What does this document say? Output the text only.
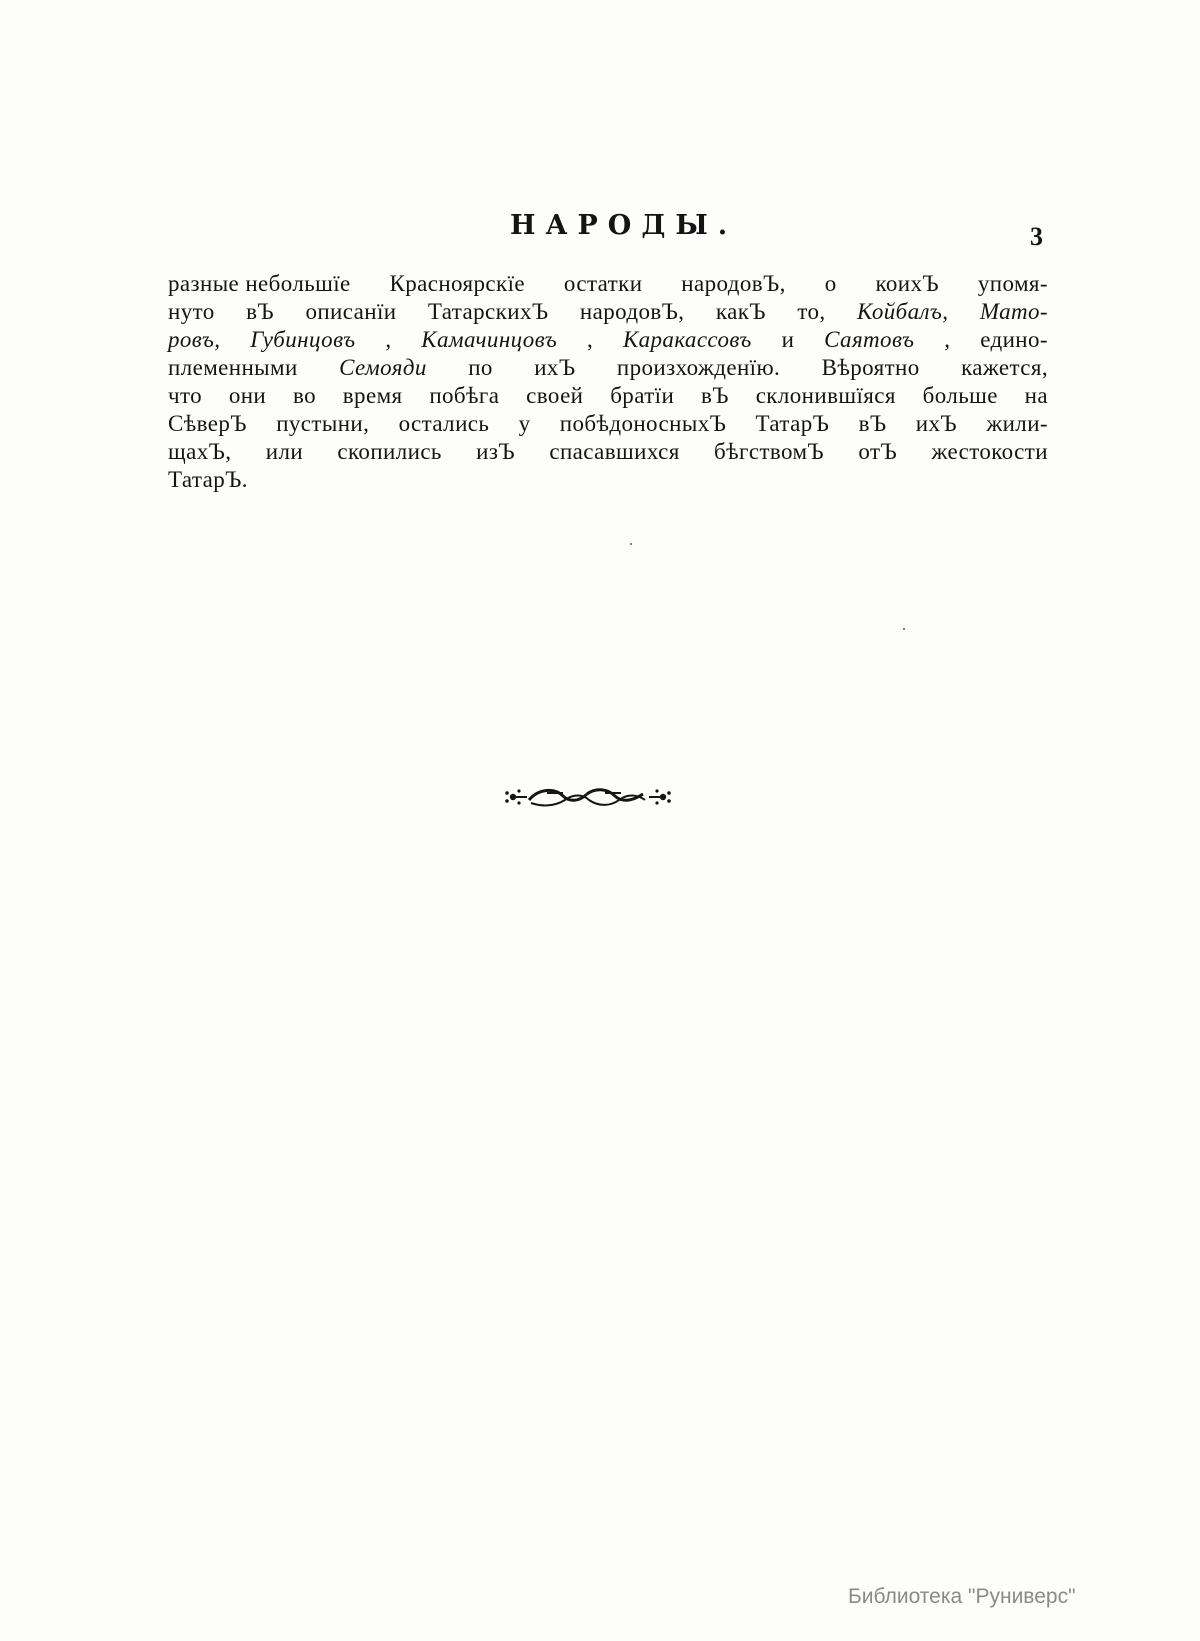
НАРОДЫ.	3
разные небольшїе Красноярскїе остатки народовЪ, о коихЪ упомя-
нуто вЪ описанїи ТатарскихЪ народовЪ, какЪ то, Койбалъ, Мато-
ровъ, Губинцовъ , Камачинцовъ , Каракассовъ и Саятовъ , едино-
племенными Семояди по ихЪ произхожденїю. Вѣроятно кажется,
что они во время побѣга своей братїи вЪ склонившїяся больше на
СѣверЪ пустыни, остались у побѣдоносныхЪ ТатарЪ вЪ ихЪ жили-
щахЪ, или скопились изЪ спасавшихся бѣгствомЪ отЪ жестокости
ТатарЪ.
Библиотека "Руниверс"
